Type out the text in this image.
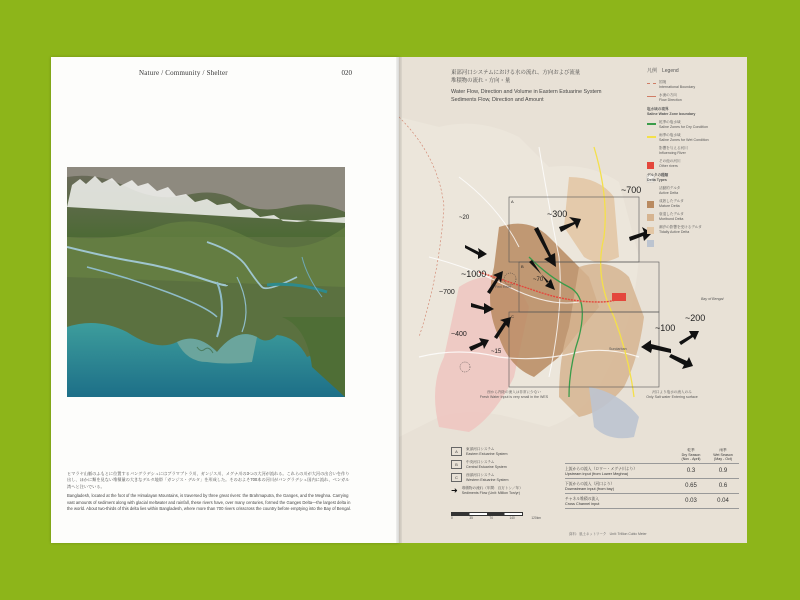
Nature / Community / Shelter	020

ヒマラヤ山脈のふもとに位置するバングラデシュにはブラマプトラ川、ガンジス川、メグナ川の3つの大河が流れる。これらの川が大河の出合いを作り出し、ほかに類を見ない堆積量の大きなデルタ地帯「ガンジス・デルタ」を形成した。そのおよそ700本の河川がバングラデシュ国内に流れ、ベンガル湾へと注いでいる。

Bangladesh, located at the foot of the Himalayan Mountains, is traversed by three great rivers: the Brahmaputra, the Ganges, and the Meghna. Carrying vast amounts of sediment along with glacial meltwater and rainfall, these rivers have, over many centuries, formed the Ganges Delta—the largest delta in the world. About two-thirds of this delta lies within Bangladesh, where more than 700 rivers crisscross the country before emptying into the Bay of Bengal.

東部河口システムにおける水の流れ、方向および流量
堆積物の流れ・方向・量
Water Flow, Direction and Volume in Eastern Estuarine System
Sediments Flow, Direction and Amount
凡例　Legend
国境
International Boundary
水流の方向
Flow Direction
塩水域の境界
Saline Water Zone boundary
乾季の塩水域
Saline Zones for Dry Condition
雨季の塩水域
Saline Zones for Wet Condition
影響を与える河川
Influencing River
その他の河川
Other rivers
デルタの種類
Delta Types
活動的デルタ
Active Delta
成熟したデルタ
Mature Delta
衰退したデルタ
Moribund Delta
潮汐の影響を受けるデルタ
Tidally Active Delta
~700
~300
~20
~1000
~70
~700
~400
~15
~200
~100
A
B
C
Bay of Bengal
Feni River
Sundarban
西から内陸の流入は非常に少ない
Fresh Water Input is very small in the WES
河口より塩水の流入のみ
Only Salt water Entering surface
A	東部河口システム
Eastern Estuarine System
B	中央河口システム
Central Estuarine System
C	西部河口システム
Western Estuarine System
➜ 堆積物の流れ（年間：百万トン／年）
Sediments Flow (Unit: Million Ton/yr)
0	35	70	140	120km
乾季
Dry Season
(Nov - April)
雨季
Wet Season
(May - Oct)
上流からの流入（ロワー・メグナ川より）
Upstream input (from Lower Meghna)	0.3	0.9
下流からの流入（河口より）
Downstream input (from bay)	0.65	0.6
チャネル堆積の流入
Cross Channel input	0.03	0.04
資料：風土ネットワーク　Unit: Trillion Cubic Meter
